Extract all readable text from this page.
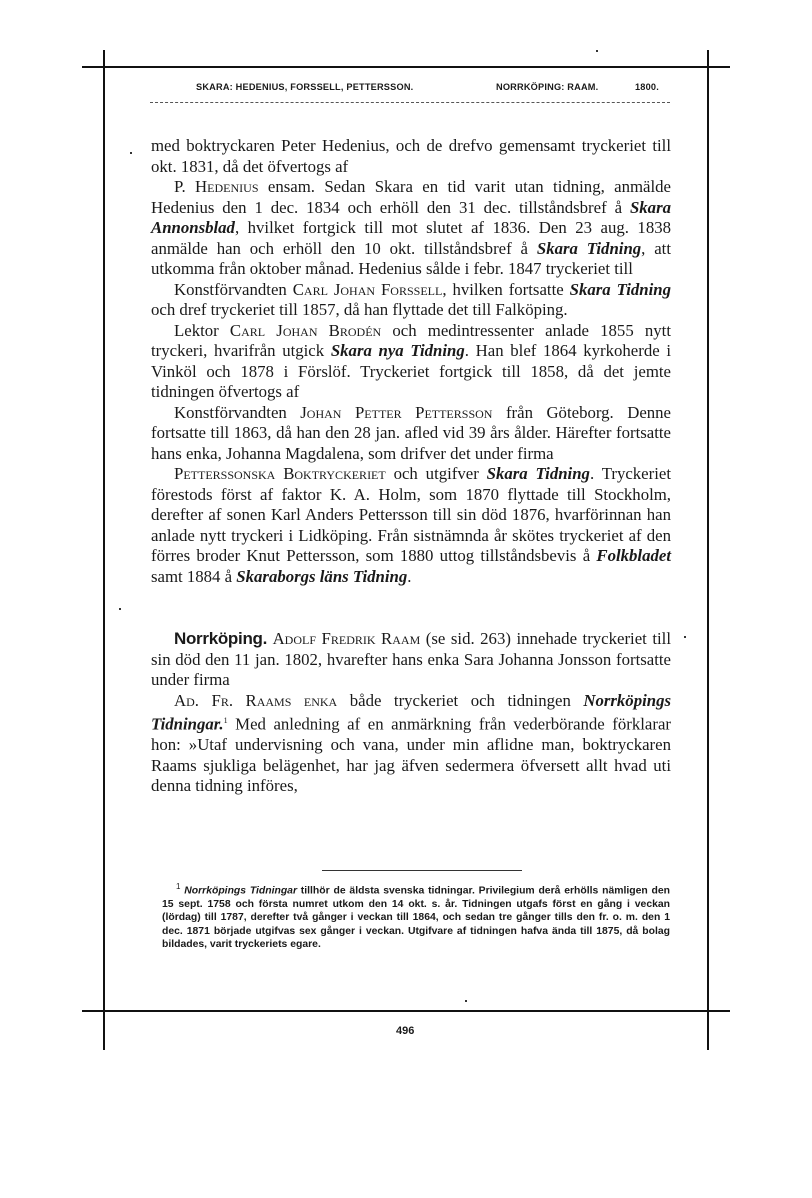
SKARA: HEDENIUS, FORSSELL, PETTERSSON.	NORRKÖPING: RAAM.	1800.

med boktryckaren Peter Hedenius, och de drefvo gemensamt tryckeriet till okt. 1831, då det öfvertogs af

P. Hedenius ensam. Sedan Skara en tid varit utan tidning, anmälde Hedenius den 1 dec. 1834 och erhöll den 31 dec. tillståndsbref å Skara Annonsblad, hvilket fortgick till mot slutet af 1836. Den 23 aug. 1838 anmälde han och erhöll den 10 okt. tillståndsbref å Skara Tidning, att utkomma från oktober månad. Hedenius sålde i febr. 1847 tryckeriet till

Konstförvandten Carl Johan Forssell, hvilken fortsatte Skara Tidning och dref tryckeriet till 1857, då han flyttade det till Falköping.

Lektor Carl Johan Brodén och medintressenter anlade 1855 nytt tryckeri, hvarifrån utgick Skara nya Tidning. Han blef 1864 kyrkoherde i Vinköl och 1878 i Förslöf. Tryckeriet fortgick till 1858, då det jemte tidningen öfvertogs af

Konstförvandten Johan Petter Pettersson från Göteborg. Denne fortsatte till 1863, då han den 28 jan. afled vid 39 års ålder. Härefter fortsatte hans enka, Johanna Magdalena, som drifver det under firma

Petterssonska Boktryckeriet och utgifver Skara Tidning. Tryckeriet förestods först af faktor K. A. Holm, som 1870 flyttade till Stockholm, derefter af sonen Karl Anders Pettersson till sin död 1876, hvarförinnan han anlade nytt tryckeri i Lidköping. Från sistnämnda år skötes tryckeriet af den förres broder Knut Pettersson, som 1880 uttog tillståndsbevis å Folkbladet samt 1884 å Skaraborgs läns Tidning.

Norrköping. Adolf Fredrik Raam (se sid. 263) innehade tryckeriet till sin död den 11 jan. 1802, hvarefter hans enka Sara Johanna Jonsson fortsatte under firma

Ad. Fr. Raams enka både tryckeriet och tidningen Norrköpings Tidningar.$^1$ Med anledning af en anmärkning från vederbörande förklarar hon: »Utaf undervisning och vana, under min aflidne man, boktryckaren Raams sjukliga belägenhet, har jag äfven sedermera öfversett allt hvad uti denna tidning införes,

$^1$ Norrköpings Tidningar tillhör de äldsta svenska tidningar. Privilegium derå erhölls nämligen den 15 sept. 1758 och första numret utkom den 14 okt. s. år. Tidningen utgafs först en gång i veckan (lördag) till 1787, derefter två gånger i veckan till 1864, och sedan tre gånger tills den fr. o. m. den 1 dec. 1871 började utgifvas sex gånger i veckan. Utgifvare af tidningen hafva ända till 1875, då bolag bildades, varit tryckeriets egare.

496
